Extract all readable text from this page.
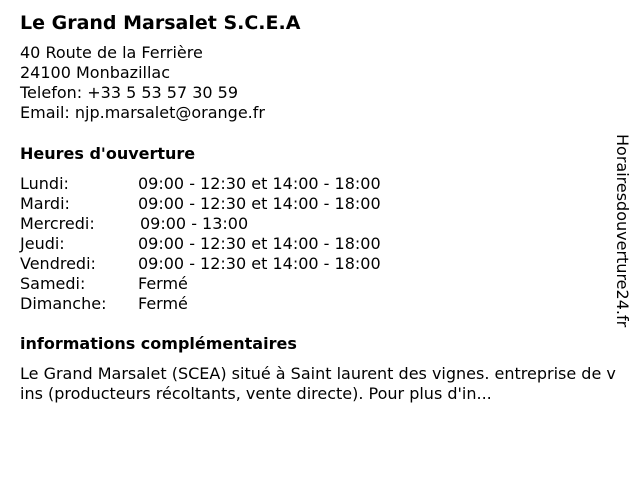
Le Grand Marsalet S.C.E.A
40 Route de la Ferrière
24100 Monbazillac
Telefon: +33 5 53 57 30 59
Email: njp.marsalet@orange.fr
Heures d'ouverture
Lundi:	09:00 - 12:30 et 14:00 - 18:00
Mardi:	09:00 - 12:30 et 14:00 - 18:00
Mercredi:	09:00 - 13:00
Jeudi:	09:00 - 12:30 et 14:00 - 18:00
Vendredi:	09:00 - 12:30 et 14:00 - 18:00
Samedi:	Fermé
Dimanche: Fermé
informations complémentaires

Le Grand Marsalet (SCEA) situé à Saint laurent des vignes. entreprise de vins (producteurs récoltants, vente directe). Pour plus d'in...

Horairesdouverture24.fr
